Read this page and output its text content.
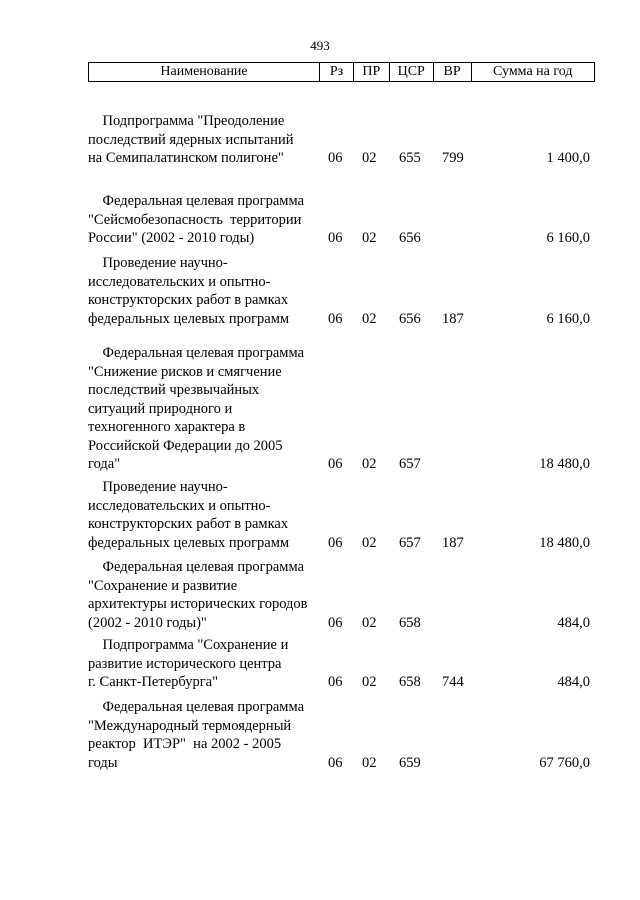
493
Наименование	Рз	ПР	ЦСР	ВР	Сумма на год
Подпрограмма "Преодоление
последствий ядерных испытаний
на Семипалатинском полигоне"	06 02 655 799	1 400,0
Федеральная целевая программа
"Сейсмобезопасность  территории
России" (2002 - 2010 годы)	06 02 656	6 160,0
Проведение научно-
исследовательских и опытно-
конструкторских работ в рамках
федеральных целевых программ	06 02 656 187	6 160,0
Федеральная целевая программа
"Снижение рисков и смягчение
последствий чрезвычайных
ситуаций природного и
техногенного характера в
Российской Федерации до 2005
года"	06 02 657	18 480,0
Проведение научно-
исследовательских и опытно-
конструкторских работ в рамках
федеральных целевых программ	06 02 657 187	18 480,0
Федеральная целевая программа
"Сохранение и развитие
архитектуры исторических городов
(2002 - 2010 годы)"	06 02 658	484,0
Подпрограмма "Сохранение и
развитие исторического центра
г. Санкт-Петербурга"	06 02 658 744	484,0
Федеральная целевая программа
"Международный термоядерный
реактор  ИТЭР"  на 2002 - 2005
годы	06 02 659	67 760,0
